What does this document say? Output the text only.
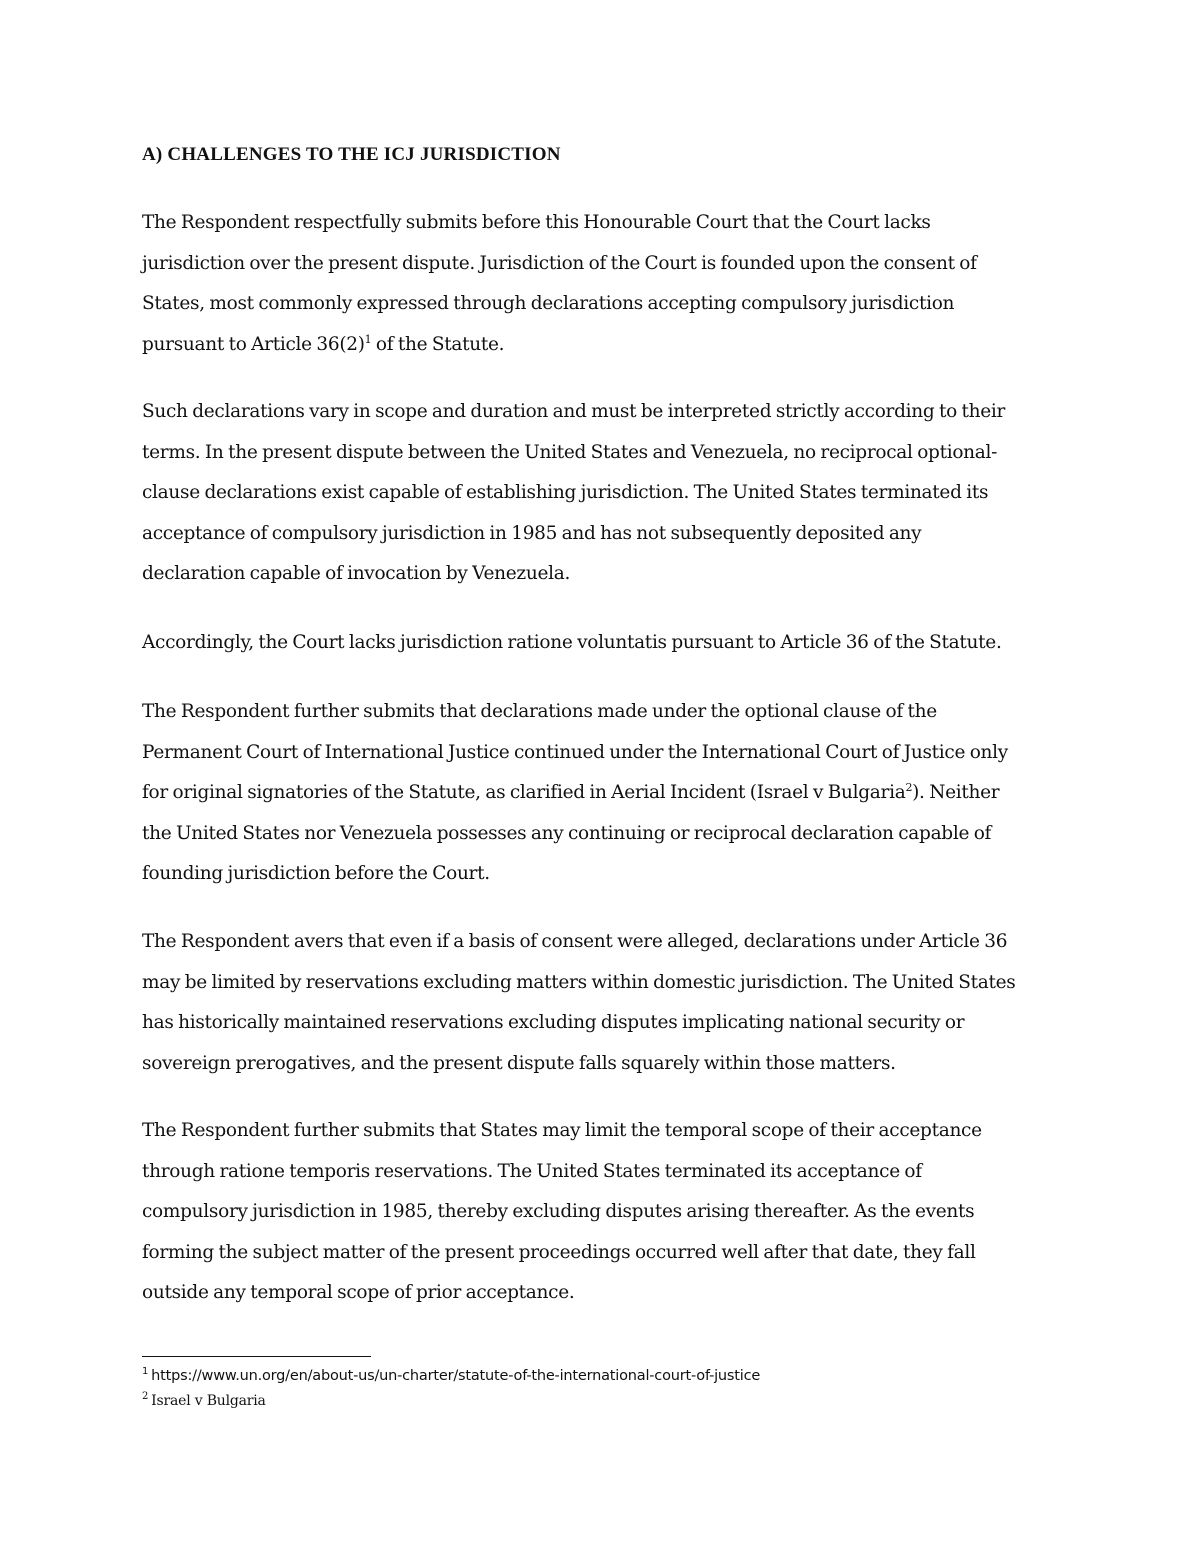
A) CHALLENGES TO THE ICJ JURISDICTION

The Respondent respectfully submits before this Honourable Court that the Court lacks
jurisdiction over the present dispute. Jurisdiction of the Court is founded upon the consent of
States, most commonly expressed through declarations accepting compulsory jurisdiction
pursuant to Article $36(2)^1$ of the Statute.

Such declarations vary in scope and duration and must be interpreted strictly according to their
terms. In the present dispute between the United States and Venezuela, no reciprocal optional-
clause declarations exist capable of establishing jurisdiction. The United States terminated its
acceptance of compulsory jurisdiction in 1985 and has not subsequently deposited any
declaration capable of invocation by Venezuela.

Accordingly, the Court lacks jurisdiction ratione voluntatis pursuant to Article 36 of the Statute.

The Respondent further submits that declarations made under the optional clause of the
Permanent Court of International Justice continued under the International Court of Justice only
for original signatories of the Statute, as clarified in Aerial Incident (Israel v Bulgaria$^2$). Neither
the United States nor Venezuela possesses any continuing or reciprocal declaration capable of
founding jurisdiction before the Court.

The Respondent avers that even if a basis of consent were alleged, declarations under Article 36
may be limited by reservations excluding matters within domestic jurisdiction. The United States
has historically maintained reservations excluding disputes implicating national security or
sovereign prerogatives, and the present dispute falls squarely within those matters.

The Respondent further submits that States may limit the temporal scope of their acceptance
through ratione temporis reservations. The United States terminated its acceptance of
compulsory jurisdiction in 1985, thereby excluding disputes arising thereafter. As the events
forming the subject matter of the present proceedings occurred well after that date, they fall
outside any temporal scope of prior acceptance.

$^1$ https://www.un.org/en/about-us/un-charter/statute-of-the-international-court-of-justice
$^2$ Israel v Bulgaria
